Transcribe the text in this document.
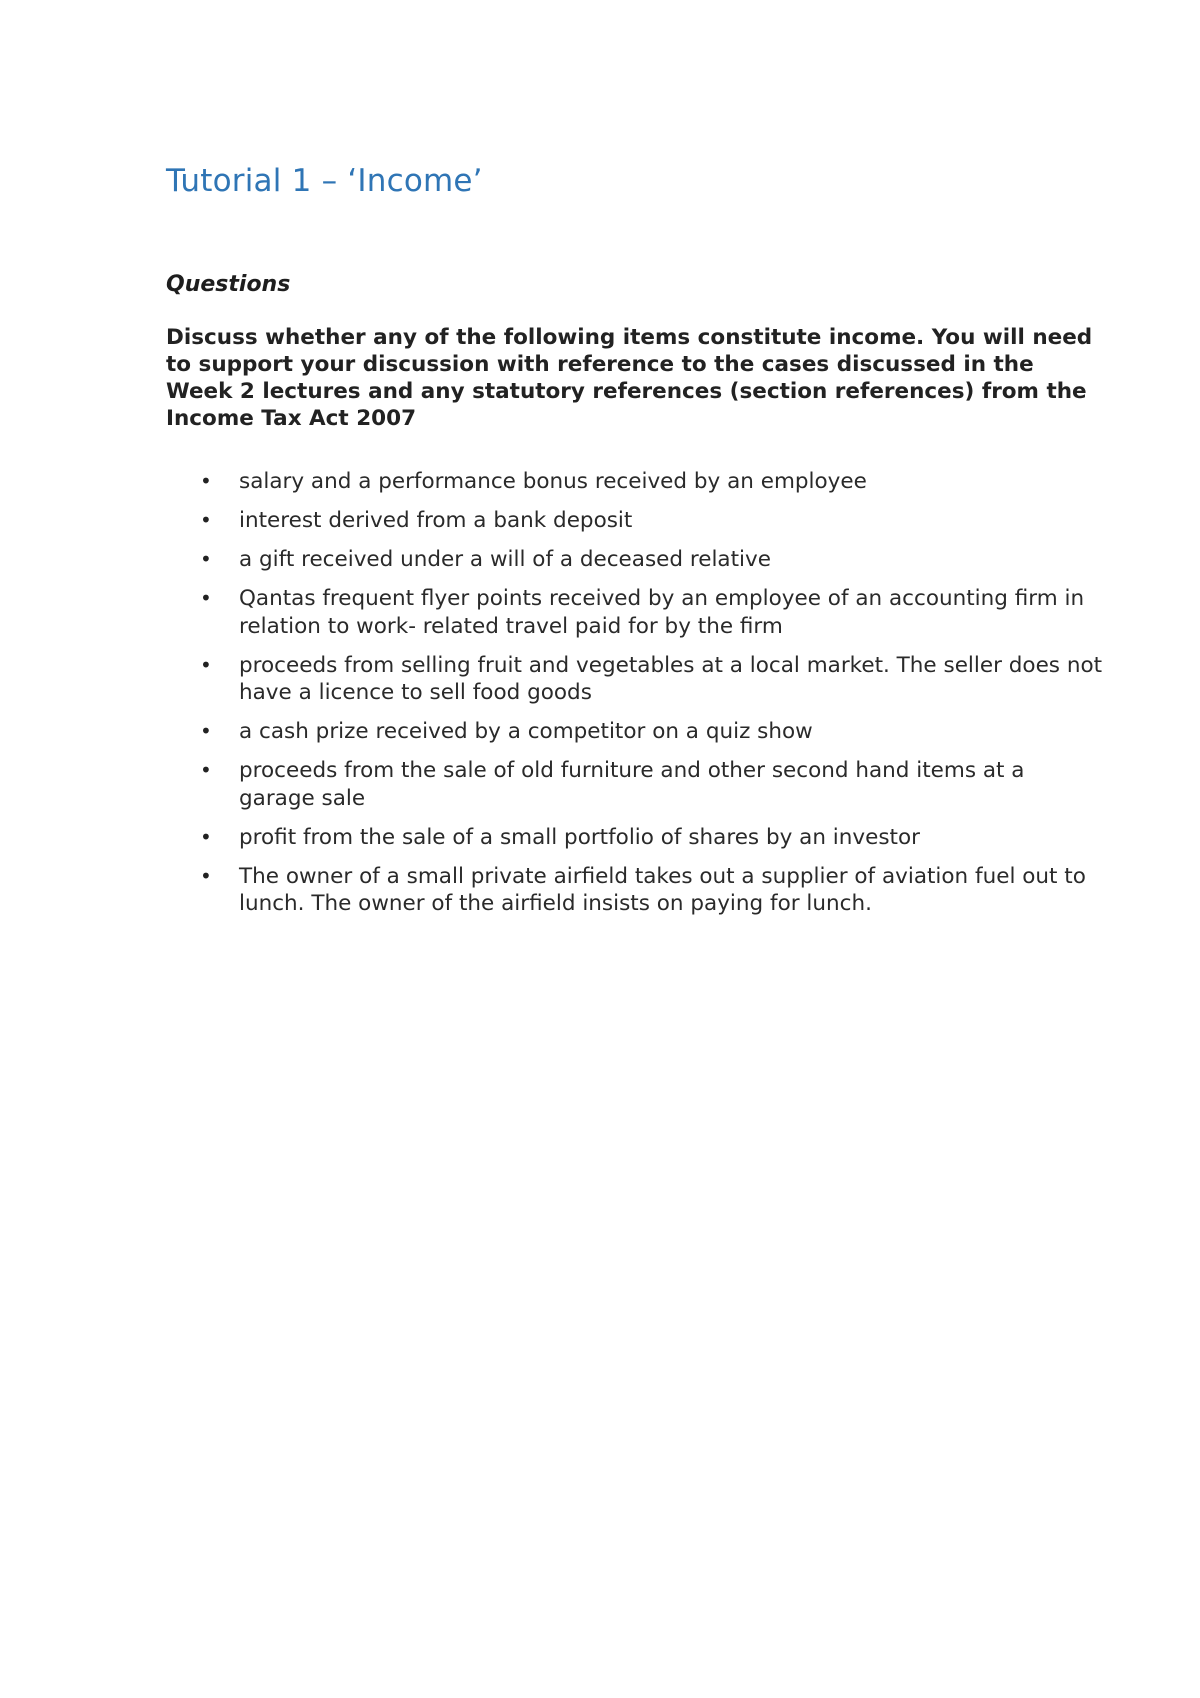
Tutorial 1 – ‘Income’
Questions

Discuss whether any of the following items constitute income. You will need to support your discussion with reference to the cases discussed in the Week 2 lectures and any statutory references (section references) from the Income Tax Act 2007

• salary and a performance bonus received by an employee
• interest derived from a bank deposit
• a gift received under a will of a deceased relative
• Qantas frequent flyer points received by an employee of an accounting firm in relation to work- related travel paid for by the firm
• proceeds from selling fruit and vegetables at a local market. The seller does not have a licence to sell food goods
• a cash prize received by a competitor on a quiz show
• proceeds from the sale of old furniture and other second hand items at a garage sale
• profit from the sale of a small portfolio of shares by an investor
• The owner of a small private airfield takes out a supplier of aviation fuel out to lunch. The owner of the airfield insists on paying for lunch.
